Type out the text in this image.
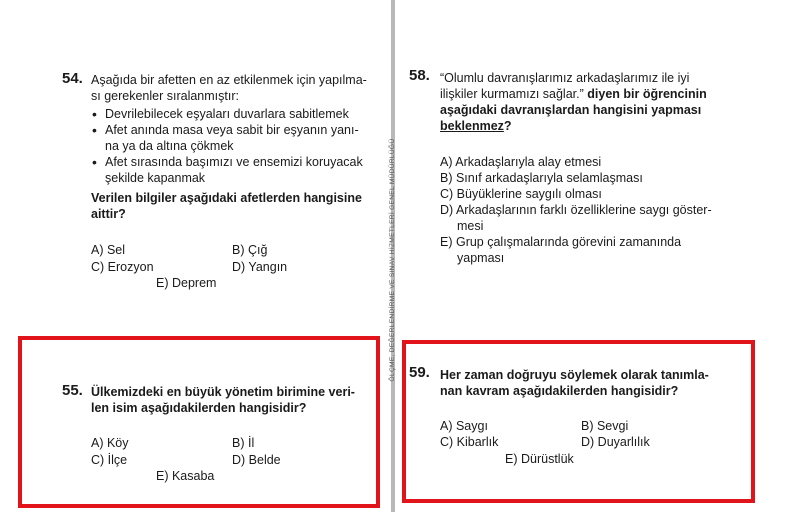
ÖLÇME, DEĞERLENDİRME VE SINAV HİZMETLERİ GENEL MÜDÜRLÜĞÜ
54. Aşağıda bir afetten en az etkilenmek için yapılma-
sı gerekenler sıralanmıştır:
• Devrilebilecek eşyaları duvarlara sabitlemek
• Afet anında masa veya sabit bir eşyanın yanı-
na ya da altına çökmek
• Afet sırasında başımızı ve ensemizi koruyacak
şekilde kapanmak
Verilen bilgiler aşağıdaki afetlerden hangisine
aittir?
A) Sel	B) Çığ
C) Erozyon	D) Yangın
E) Deprem
55. Ülkemizdeki en büyük yönetim birimine veri-
len isim aşağıdakilerden hangisidir?
A) Köy	B) İl
C) İlçe	D) Belde
E) Kasaba
58. “Olumlu davranışlarımız arkadaşlarımız ile iyi
ilişkiler kurmamızı sağlar.” diyen bir öğrencinin
aşağıdaki davranışlardan hangisini yapması
beklenmez?
A) Arkadaşlarıyla alay etmesi
B) Sınıf arkadaşlarıyla selamlaşması
C) Büyüklerine saygılı olması
D) Arkadaşlarının farklı özelliklerine saygı göster-
mesi
E) Grup çalışmalarında görevini zamanında
yapması
59. Her zaman doğruyu söylemek olarak tanımla-
nan kavram aşağıdakilerden hangisidir?
A) Saygı	B) Sevgi
C) Kibarlık	D) Duyarlılık
E) Dürüstlük
